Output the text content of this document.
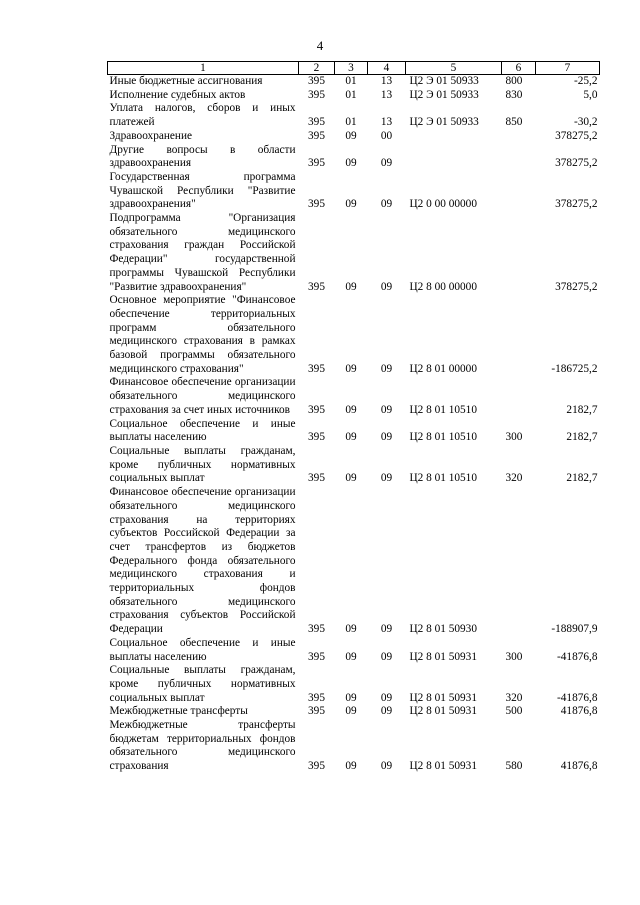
4
1	2	3	4	5	6	7
Иные бюджетные ассигнования	395	01	13	Ц2 Э 01 50933	800	-25,2
Исполнение судебных актов	395	01	13	Ц2 Э 01 50933	830	5,0
Уплата налогов, сборов и иных платежей	395	01	13	Ц2 Э 01 50933	850	-30,2
Здравоохранение	395	09	00			378275,2
Другие вопросы в области здравоохранения	395	09	09			378275,2
Государственная программа Чувашской Республики "Развитие здравоохранения"	395	09	09	Ц2 0 00 00000		378275,2
Подпрограмма "Организация обязательного медицинского страхования граждан Российской Федерации" государственной программы Чувашской Республики "Развитие здравоохранения"	395	09	09	Ц2 8 00 00000		378275,2
Основное мероприятие "Финансовое обеспечение территориальных программ обязательного медицинского страхования в рамках базовой программы обязательного медицинского страхования"	395	09	09	Ц2 8 01 00000		-186725,2
Финансовое обеспечение организации обязательного медицинского страхования за счет иных источников	395	09	09	Ц2 8 01 10510		2182,7
Социальное обеспечение и иные выплаты населению	395	09	09	Ц2 8 01 10510	300	2182,7
Социальные выплаты гражданам, кроме публичных нормативных социальных выплат	395	09	09	Ц2 8 01 10510	320	2182,7
Финансовое обеспечение организации обязательного медицинского страхования на территориях субъектов Российской Федерации за счет трансфертов из бюджетов Федерального фонда обязательного медицинского страхования и территориальных фондов обязательного медицинского страхования субъектов Российской Федерации	395	09	09	Ц2 8 01 50930		-188907,9
Социальное обеспечение и иные выплаты населению	395	09	09	Ц2 8 01 50931	300	-41876,8
Социальные выплаты гражданам, кроме публичных нормативных социальных выплат	395	09	09	Ц2 8 01 50931	320	-41876,8
Межбюджетные трансферты	395	09	09	Ц2 8 01 50931	500	41876,8
Межбюджетные трансферты бюджетам территориальных фондов обязательного медицинского страхования	395	09	09	Ц2 8 01 50931	580	41876,8
